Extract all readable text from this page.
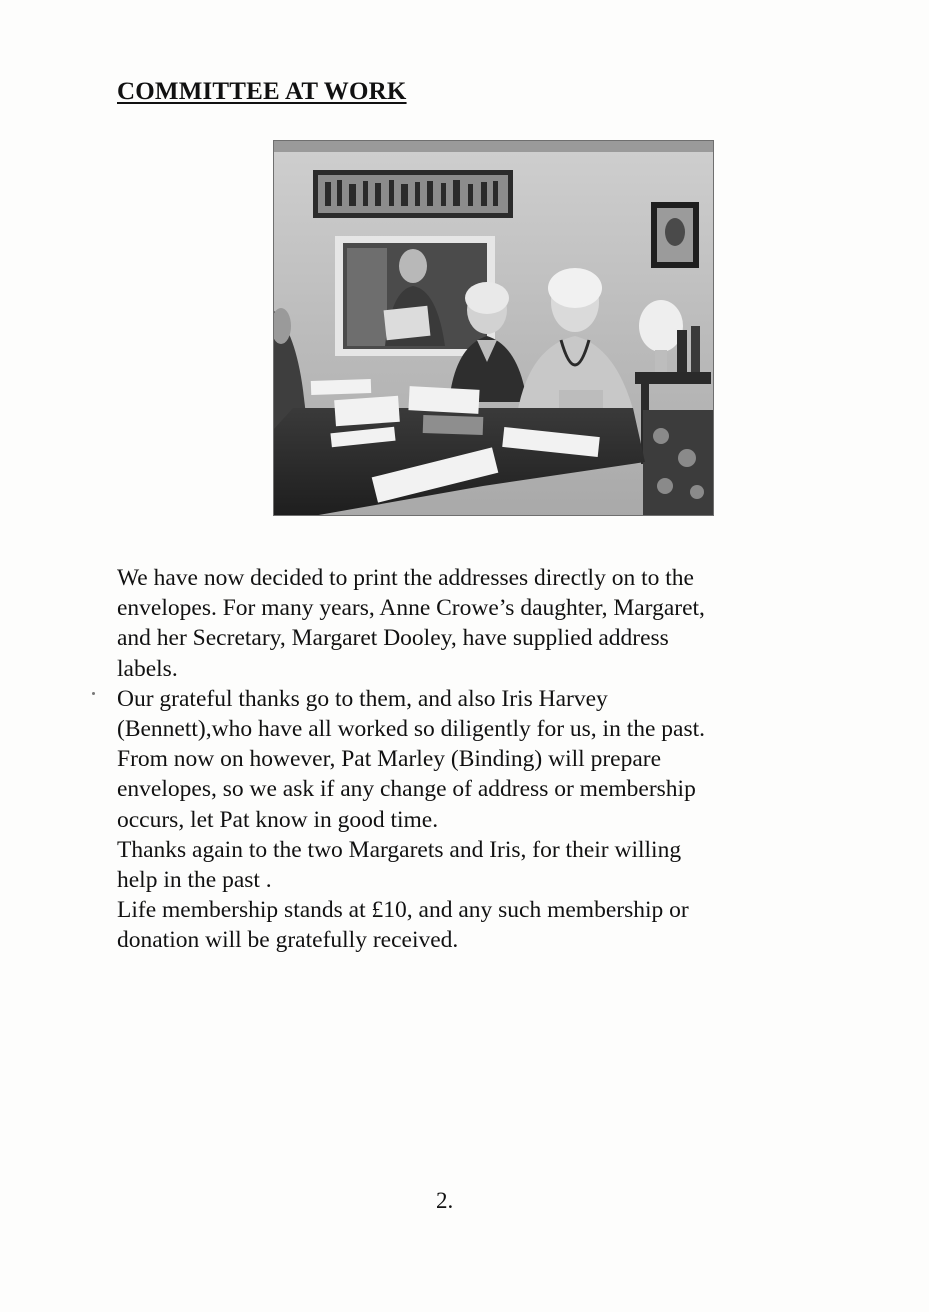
COMMITTEE AT WORK

We have now decided to print the addresses directly on to the

envelopes. For many years, Anne Crowe’s daughter, Margaret,

and her Secretary, Margaret Dooley, have supplied address

labels.

Our grateful thanks go to them, and also Iris Harvey

(Bennett),who have all worked so diligently for us, in the past.

From now on however, Pat Marley (Binding) will prepare

envelopes, so we ask if any change of address or membership

occurs, let Pat know in good time.

Thanks again to the two Margarets and Iris, for their willing

help in the past .

Life membership stands at £10, and any such membership or

donation will be gratefully received.

2.
